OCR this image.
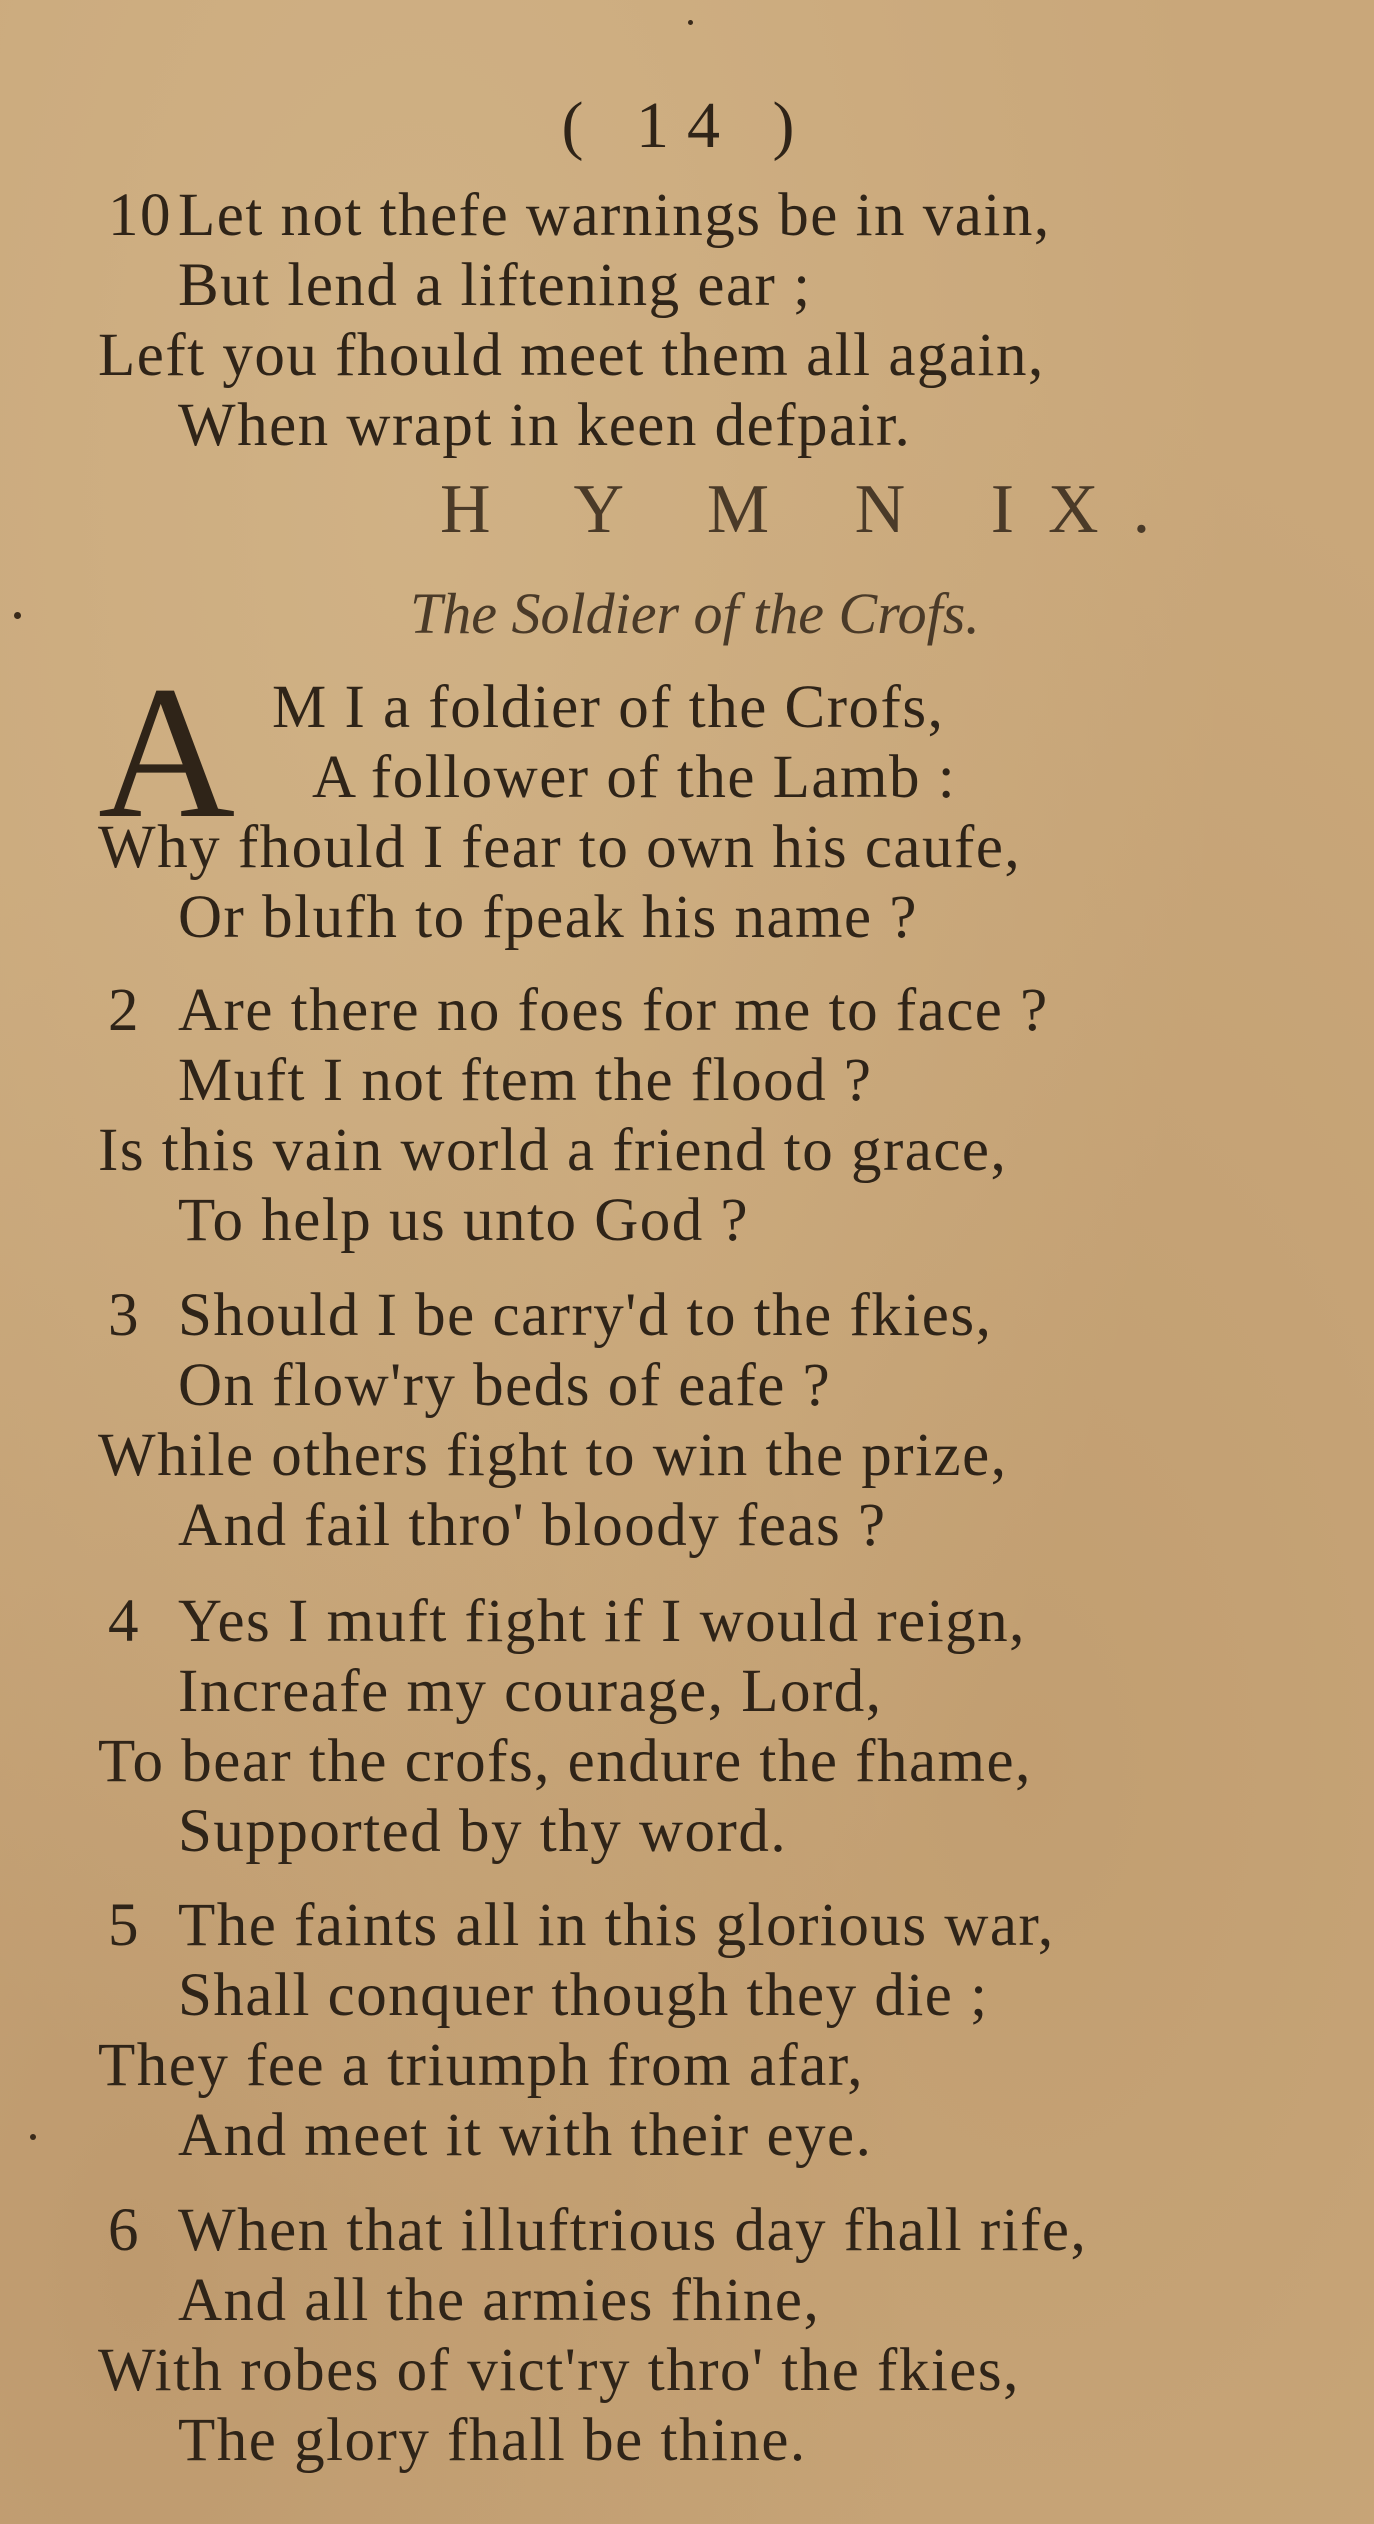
( 14 )
10Let not thefe warnings be in vain,
But lend a liftening ear ;
Left you fhould meet them all again,
When wrapt in keen defpair.
H Y M N IX.
The Soldier of the Crofs.
A M I a foldier of the Crofs,
A follower of the Lamb :
Why fhould I fear to own his caufe,
Or blufh to fpeak his name ?
2 Are there no foes for me to face ?
Muft I not ftem the flood ?
Is this vain world a friend to grace,
To help us unto God ?
3 Should I be carry'd to the fkies,
On flow'ry beds of eafe ?
While others fight to win the prize,
And fail thro' bloody feas ?
4 Yes I muft fight if I would reign,
Increafe my courage, Lord,
To bear the crofs, endure the fhame,
Supported by thy word.
5 The faints all in this glorious war,
Shall conquer though they die ;
They fee a triumph from afar,
And meet it with their eye.
6 When that illuftrious day fhall rife,
And all the armies fhine,
With robes of vict'ry thro' the fkies,
The glory fhall be thine.
